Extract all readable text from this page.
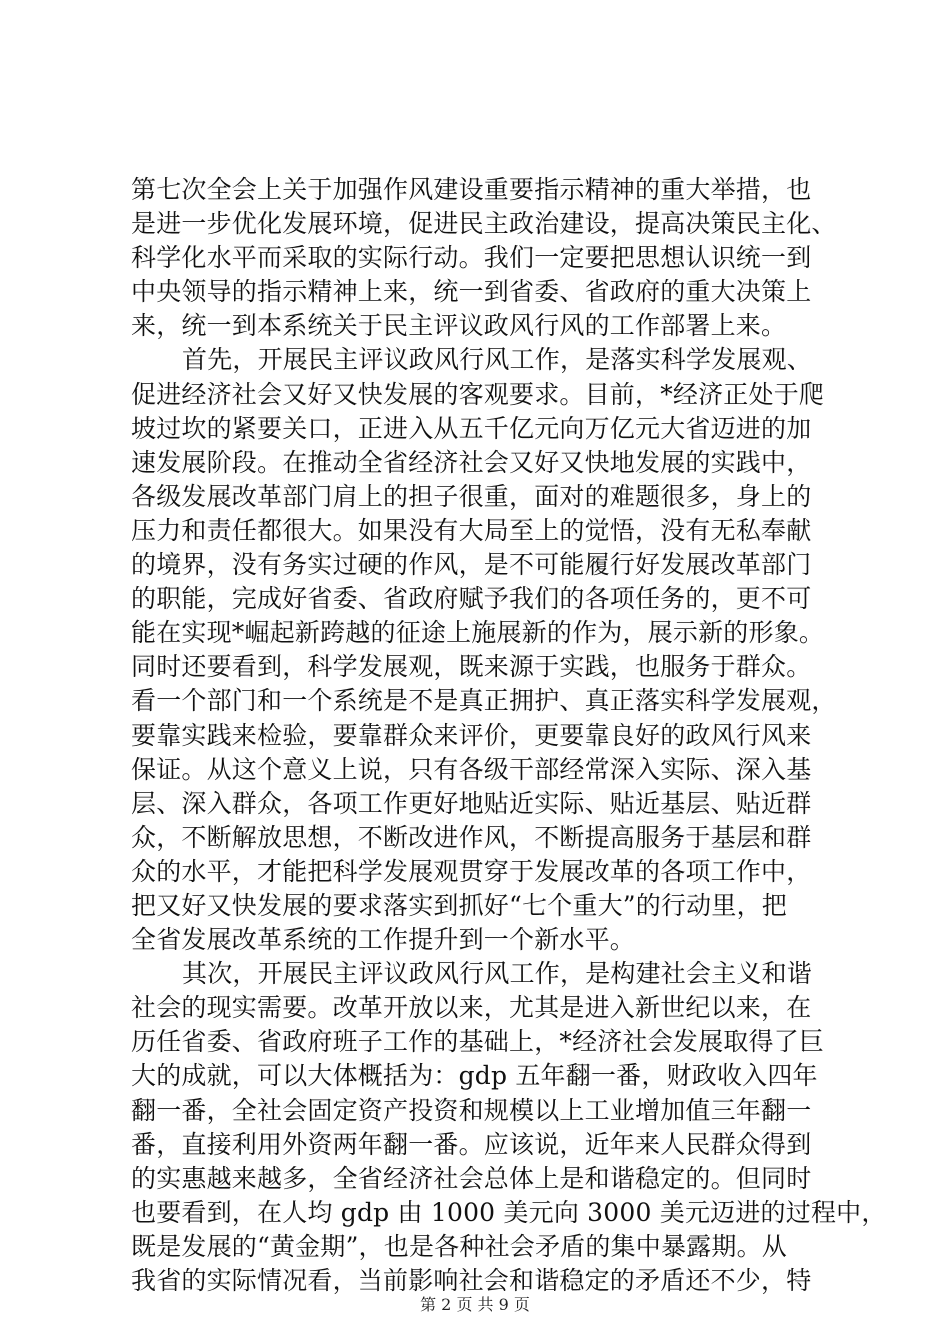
第七次全会上关于加强作风建设重要指示精神的重大举措，也
是进一步优化发展环境，促进民主政治建设，提高决策民主化、
科学化水平而采取的实际行动。我们一定要把思想认识统一到
中央领导的指示精神上来，统一到省委、省政府的重大决策上
来，统一到本系统关于民主评议政风行风的工作部署上来。
首先，开展民主评议政风行风工作，是落实科学发展观、
促进经济社会又好又快发展的客观要求。目前，*经济正处于爬
坡过坎的紧要关口，正进入从五千亿元向万亿元大省迈进的加
速发展阶段。在推动全省经济社会又好又快地发展的实践中，
各级发展改革部门肩上的担子很重，面对的难题很多，身上的
压力和责任都很大。如果没有大局至上的觉悟，没有无私奉献
的境界，没有务实过硬的作风，是不可能履行好发展改革部门
的职能，完成好省委、省政府赋予我们的各项任务的，更不可
能在实现*崛起新跨越的征途上施展新的作为，展示新的形象。
同时还要看到，科学发展观，既来源于实践，也服务于群众。
看一个部门和一个系统是不是真正拥护、真正落实科学发展观，
要靠实践来检验，要靠群众来评价，更要靠良好的政风行风来
保证。从这个意义上说，只有各级干部经常深入实际、深入基
层、深入群众，各项工作更好地贴近实际、贴近基层、贴近群
众，不断解放思想，不断改进作风，不断提高服务于基层和群
众的水平，才能把科学发展观贯穿于发展改革的各项工作中，
把又好又快发展的要求落实到抓好“七个重大”的行动里，把
全省发展改革系统的工作提升到一个新水平。
其次，开展民主评议政风行风工作，是构建社会主义和谐
社会的现实需要。改革开放以来，尤其是进入新世纪以来，在
历任省委、省政府班子工作的基础上，*经济社会发展取得了巨
大的成就，可以大体概括为：gdp 五年翻一番，财政收入四年
翻一番，全社会固定资产投资和规模以上工业增加值三年翻一
番，直接利用外资两年翻一番。应该说，近年来人民群众得到
的实惠越来越多，全省经济社会总体上是和谐稳定的。但同时
也要看到，在人均 gdp 由 1000 美元向 3000 美元迈进的过程中，
既是发展的“黄金期”，也是各种社会矛盾的集中暴露期。从
我省的实际情况看，当前影响社会和谐稳定的矛盾还不少，特
第 2 页 共 9 页
